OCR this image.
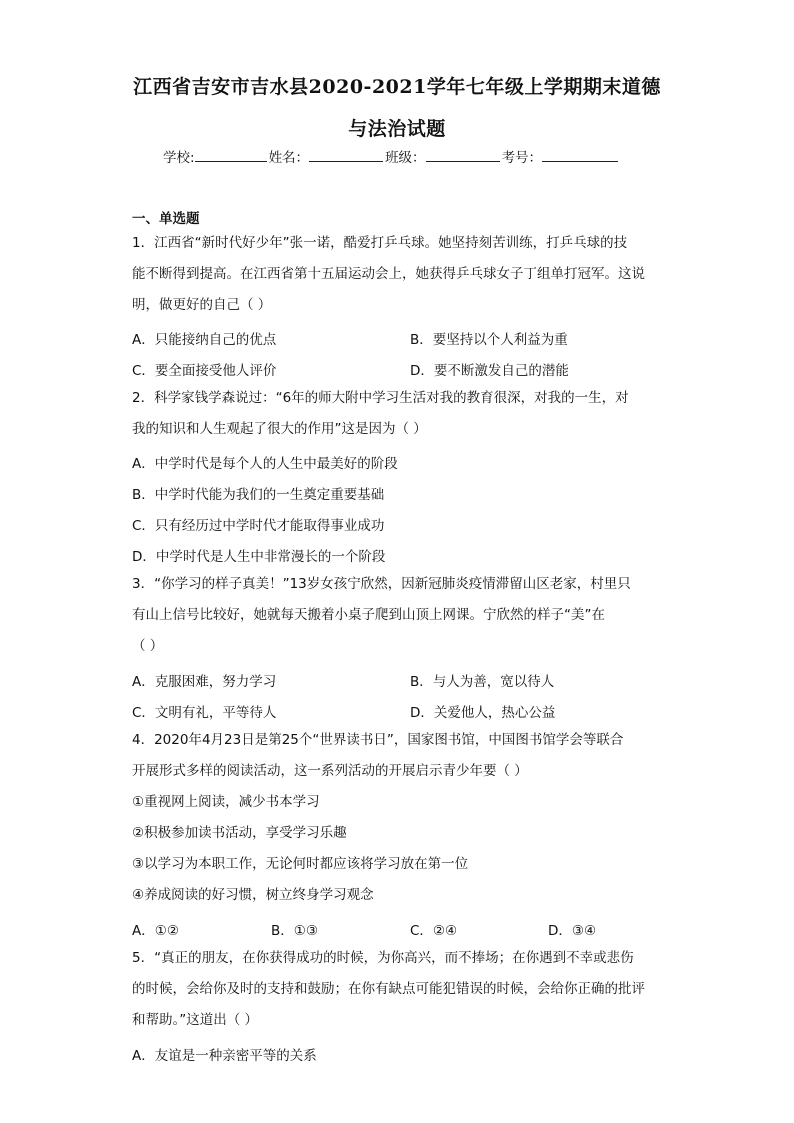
江西省吉安市吉水县2020-2021学年七年级上学期期末道德
与法治试题
学校:	姓名：	班级：	考号：
一、单选题
1．江西省“新时代好少年”张一诺，酷爱打乒乓球。她坚持刻苦训练，打乒乓球的技
能不断得到提高。在江西省第十五届运动会上，她获得乒乓球女子丁组单打冠军。这说
明，做更好的自己（ ）
A．只能接纳自己的优点	B．要坚持以个人利益为重
C．要全面接受他人评价	D．要不断激发自己的潜能
2．科学家钱学森说过：“6年的师大附中学习生活对我的教育很深，对我的一生，对
我的知识和人生观起了很大的作用”这是因为（ ）
A．中学时代是每个人的人生中最美好的阶段
B．中学时代能为我们的一生奠定重要基础
C．只有经历过中学时代才能取得事业成功
D．中学时代是人生中非常漫长的一个阶段
3．“你学习的样子真美！”13岁女孩宁欣然，因新冠肺炎疫情滞留山区老家，村里只
有山上信号比较好，她就每天搬着小桌子爬到山顶上网课。宁欣然的样子“美”在
（ ）
A．克服困难，努力学习	B．与人为善，宽以待人
C．文明有礼，平等待人	D．关爱他人，热心公益
4．2020年4月23日是第25个“世界读书日”，国家图书馆，中国图书馆学会等联合
开展形式多样的阅读活动，这一系列活动的开展启示青少年要（ ）
①重视网上阅读，减少书本学习
②积极参加读书活动，享受学习乐趣
③以学习为本职工作，无论何时都应该将学习放在第一位
④养成阅读的好习惯，树立终身学习观念
A．①②	B．①③	C．②④	D．③④
5．“真正的朋友，在你获得成功的时候，为你高兴，而不捧场；在你遇到不幸或悲伤
的时候，会给你及时的支持和鼓励；在你有缺点可能犯错误的时候，会给你正确的批评
和帮助。”这道出（ ）
A．友谊是一种亲密平等的关系
